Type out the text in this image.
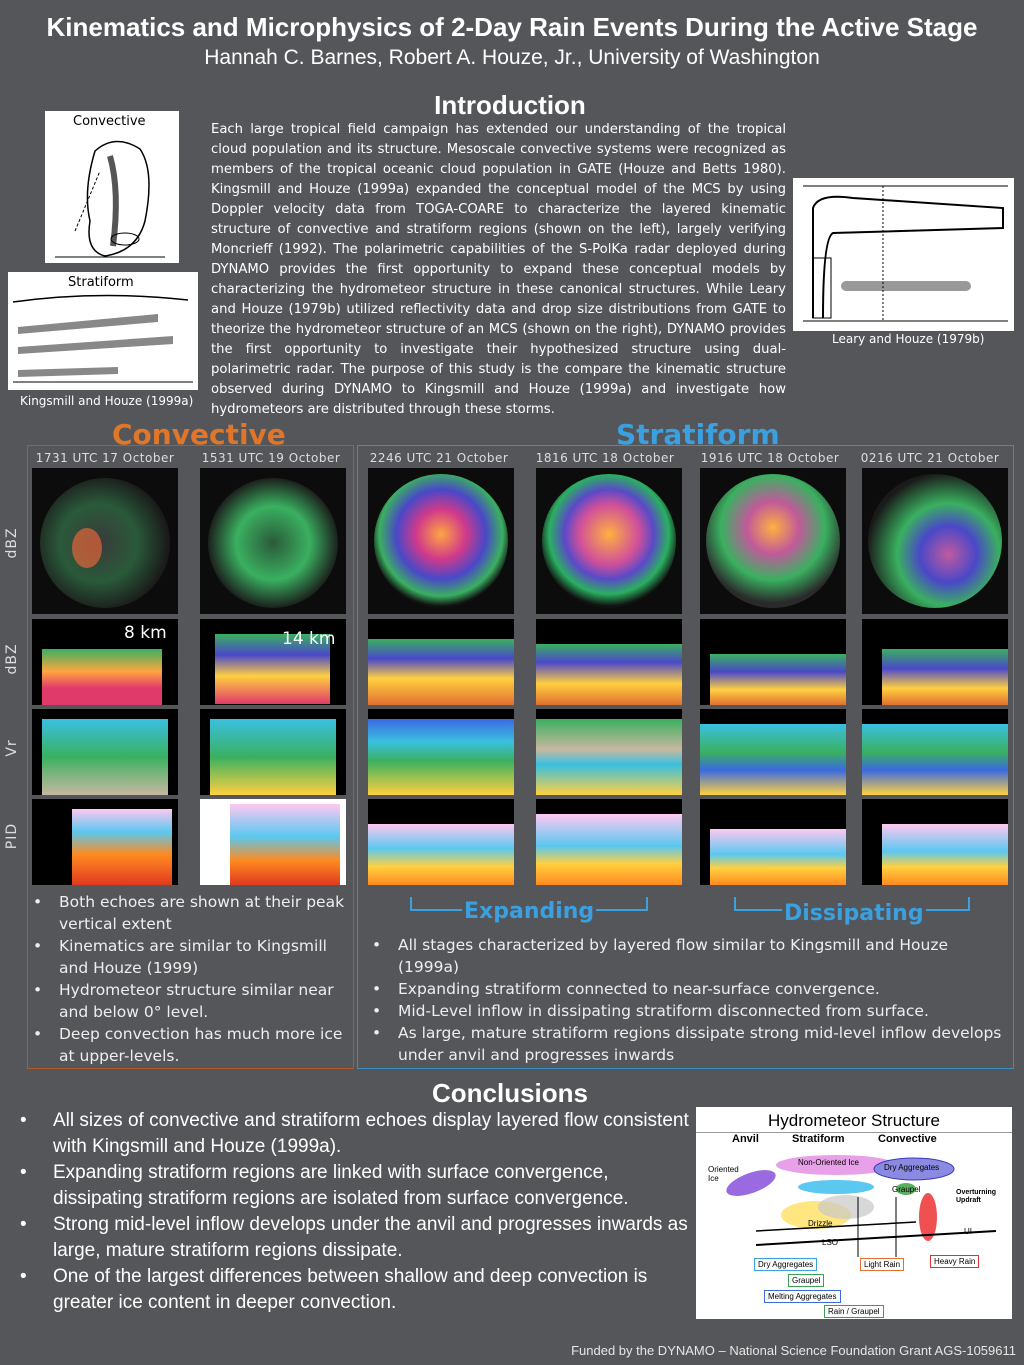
Kinematics and Microphysics of 2-Day Rain Events During the Active Stage
Hannah C. Barnes, Robert A. Houze, Jr., University of Washington
Convective
Stratiform
Kingsmill and Houze (1999a)
Introduction
Each large tropical field campaign has extended our understanding of the tropical cloud population and its structure. Mesoscale convective systems were recognized as members of the tropical oceanic cloud population in GATE (Houze and Betts 1980). Kingsmill and Houze (1999a) expanded the conceptual model of the MCS by using Doppler velocity data from TOGA-COARE to characterize the layered kinematic structure of convective and stratiform regions (shown on the left), largely verifying Moncrieff (1992). The polarimetric capabilities of the S-PolKa radar deployed during DYNAMO provides the first opportunity to expand these conceptual models by characterizing the hydrometeor structure in these canonical structures. While Leary and Houze (1979b) utilized reflectivity data and drop size distributions from GATE to theorize the hydrometeor structure of an MCS (shown on the right), DYNAMO provides the first opportunity to investigate their hypothesized structure using dual-polarimetric radar. The purpose of this study is the compare the kinematic structure observed during DYNAMO to Kingsmill and Houze (1999a) and investigate how hydrometeors are distributed through these storms.
Leary and Houze (1979b)
Convective	Stratiform
1731 UTC 17 October	1531 UTC 19 October	2246 UTC 21 October	1816 UTC 18 October	1916 UTC 18 October	0216 UTC 21 October
dBZ
dBZ
Vr
PID
8 km	14 km
Expanding	Dissipating
• Both echoes are shown at their peak vertical extent
• Kinematics are similar to Kingsmill and Houze (1999)
• Hydrometeor structure similar near and below 0° level.
• Deep convection has much more ice at upper-levels.
• All stages characterized by layered flow similar to Kingsmill and Houze (1999a)
• Expanding stratiform connected to near-surface convergence.
• Mid-Level inflow in dissipating stratiform disconnected from surface.
• As large, mature stratiform regions dissipate strong mid-level inflow develops under anvil and progresses inwards
Conclusions
• All sizes of convective and stratiform echoes display layered flow consistent with Kingsmill and Houze (1999a).
• Expanding stratiform regions are linked with surface convergence, dissipating stratiform regions are isolated from surface convergence.
• Strong mid-level inflow develops under the anvil and progresses inwards as large, mature stratiform regions dissipate.
• One of the largest differences between shallow and deep convection is greater ice content in deeper convection.
Hydrometeor Structure
Anvil	Stratiform	Convective
Non-Oriented Ice
Dry Aggregates
Oriented Ice
Graupel	Overturning Updraft
Drizzle
UI
LSO
Dry Aggregates	Light Rain	Heavy Rain
Graupel
Melting Aggregates
Rain / Graupel
Funded by the DYNAMO – National Science Foundation Grant AGS-1059611
